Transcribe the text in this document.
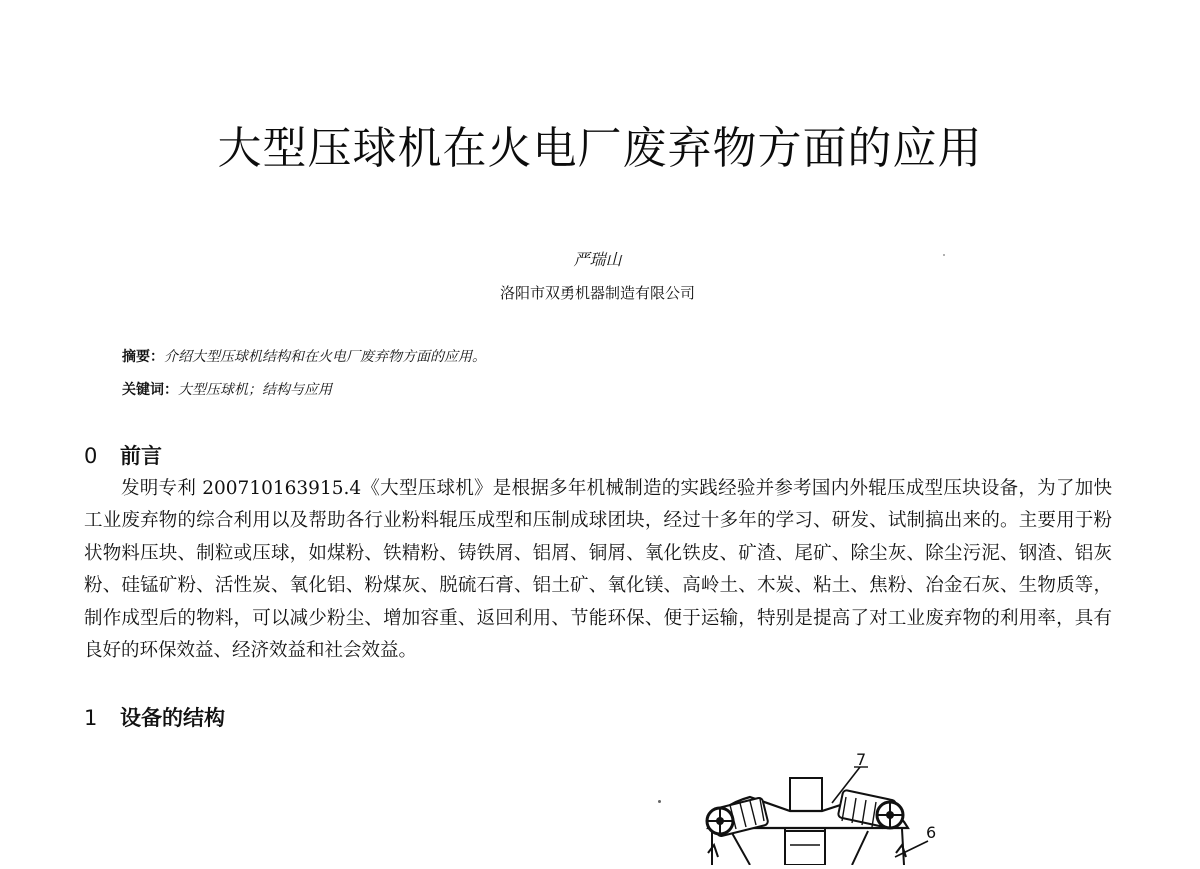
大型压球机在火电厂废弃物方面的应用
严瑞山
洛阳市双勇机器制造有限公司
摘要：介绍大型压球机结构和在火电厂废弃物方面的应用。
关键词：大型压球机；结构与应用
0 前言

发明专利 200710163915.4《大型压球机》是根据多年机械制造的实践经验并参考国内外辊压成型压块设备，为了加快工业废弃物的综合利用以及帮助各行业粉料辊压成型和压制成球团块，经过十多年的学习、研发、试制搞出来的。主要用于粉状物料压块、制粒或压球，如煤粉、铁精粉、铸铁屑、铝屑、铜屑、氧化铁皮、矿渣、尾矿、除尘灰、除尘污泥、钢渣、铝灰粉、硅锰矿粉、活性炭、氧化铝、粉煤灰、脱硫石膏、铝土矿、氧化镁、高岭土、木炭、粘土、焦粉、冶金石灰、生物质等，制作成型后的物料，可以减少粉尘、增加容重、返回利用、节能环保、便于运输，特别是提高了对工业废弃物的利用率，具有良好的环保效益、经济效益和社会效益。

1 设备的结构
7
6
